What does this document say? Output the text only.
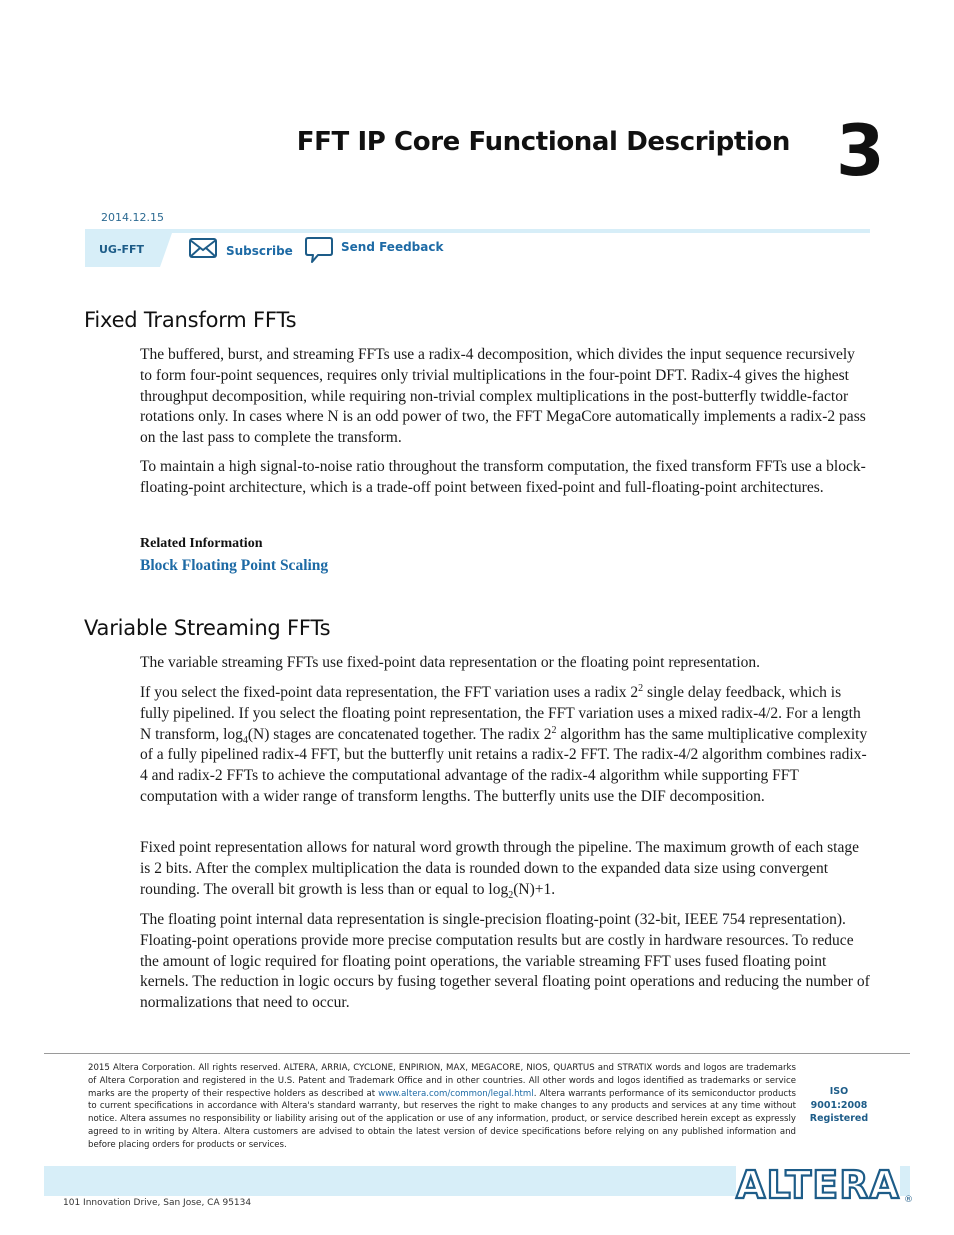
FFT IP Core Functional Description 3
2014.12.15
UG-FFT	Subscribe	Send Feedback
Fixed Transform FFTs

The buffered, burst, and streaming FFTs use a radix-4 decomposition, which divides the input sequence recursively to form four-point sequences, requires only trivial multiplications in the four-point DFT. Radix-4 gives the highest throughput decomposition, while requiring non-trivial complex multiplications in the post-butterfly twiddle-factor rotations only. In cases where N is an odd power of two, the FFT MegaCore automatically implements a radix-2 pass on the last pass to complete the transform.

To maintain a high signal-to-noise ratio throughout the transform computation, the fixed transform FFTs use a block-floating-point architecture, which is a trade-off point between fixed-point and full-floating-point architectures.

Related Information
Block Floating Point Scaling
Variable Streaming FFTs

The variable streaming FFTs use fixed-point data representation or the floating point representation.

If you select the fixed-point data representation, the FFT variation uses a radix $2^2$ single delay feedback, which is fully pipelined. If you select the floating point representation, the FFT variation uses a mixed radix-4/2. For a length N transform, $\log_4(N)$ stages are concatenated together. The radix $2^2$ algorithm has the same multiplicative complexity of a fully pipelined radix-4 FFT, but the butterfly unit retains a radix-2 FFT. The radix-4/2 algorithm combines radix-4 and radix-2 FFTs to achieve the computational advantage of the radix-4 algorithm while supporting FFT computation with a wider range of transform lengths. The butterfly units use the DIF decomposition.

Fixed point representation allows for natural word growth through the pipeline. The maximum growth of each stage is 2 bits. After the complex multiplication the data is rounded down to the expanded data size using convergent rounding. The overall bit growth is less than or equal to $\log_2(N)+1$.

The floating point internal data representation is single-precision floating-point (32-bit, IEEE 754 representation). Floating-point operations provide more precise computation results but are costly in hardware resources. To reduce the amount of logic required for floating point operations, the variable streaming FFT uses fused floating point kernels. The reduction in logic occurs by fusing together several floating point operations and reducing the number of normalizations that need to occur.

2015 Altera Corporation. All rights reserved. ALTERA, ARRIA, CYCLONE, ENPIRION, MAX, MEGACORE, NIOS, QUARTUS and STRATIX words and logos are trademarks of Altera Corporation and registered in the U.S. Patent and Trademark Office and in other countries. All other words and logos identified as trademarks or service marks are the property of their respective holders as described at www.altera.com/common/legal.html. Altera warrants performance of its semiconductor products to current specifications in accordance with Altera's standard warranty, but reserves the right to make changes to any products and services at any time without notice. Altera assumes no responsibility or liability arising out of the application or use of any information, product, or service described herein except as expressly agreed to in writing by Altera. Altera customers are advised to obtain the latest version of device specifications before relying on any published information and before placing orders for products or services.

ISO
9001:2008
Registered
101 Innovation Drive, San Jose, CA 95134	ALTERA ®
